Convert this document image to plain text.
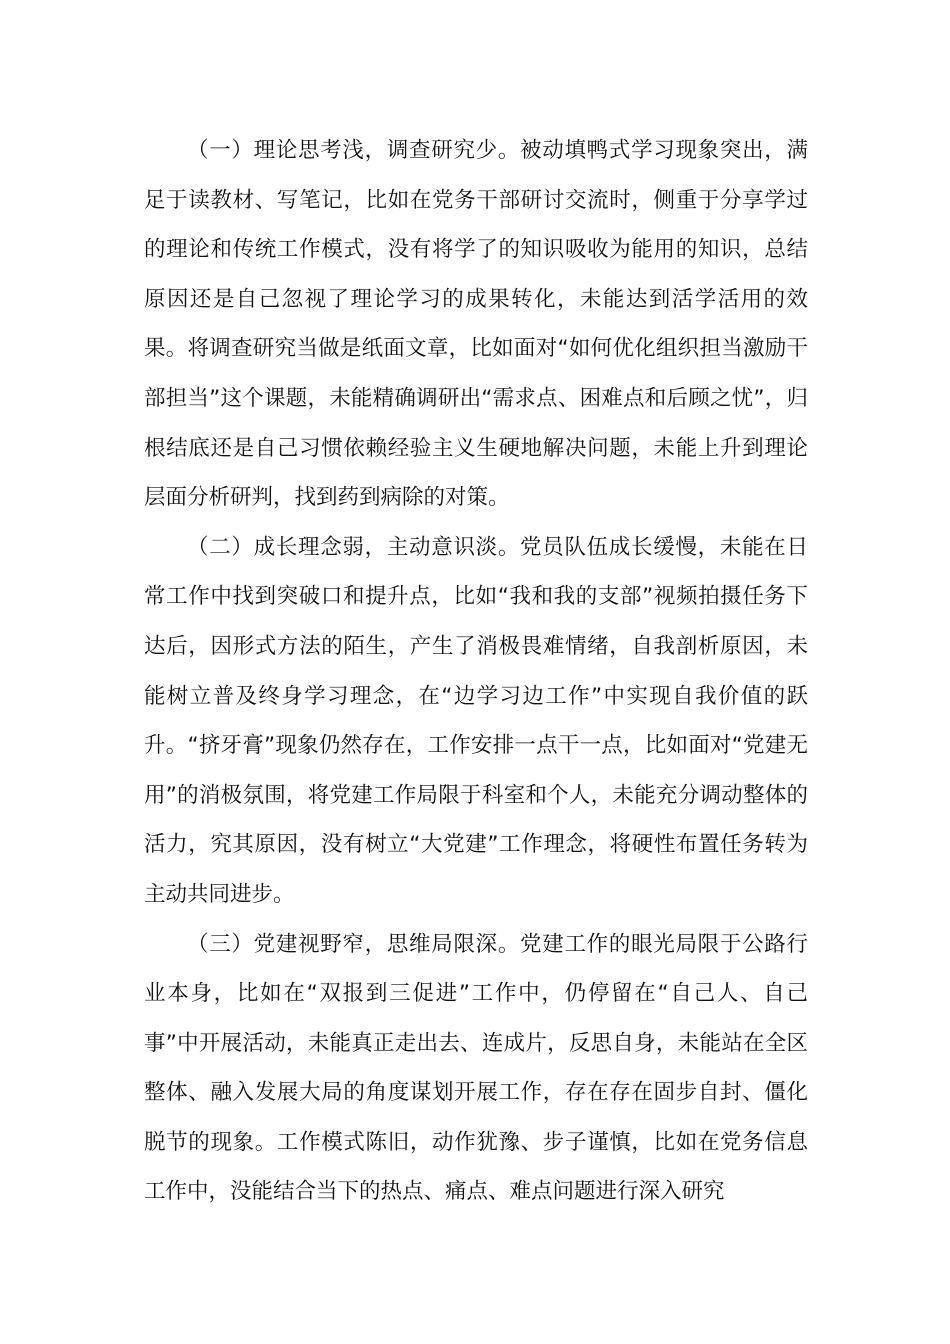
（一）理论思考浅，调查研究少。被动填鸭式学习现象突出，满足于读教材、写笔记，比如在党务干部研讨交流时，侧重于分享学过的理论和传统工作模式，没有将学了的知识吸收为能用的知识，总结原因还是自己忽视了理论学习的成果转化，未能达到活学活用的效果。将调查研究当做是纸面文章，比如面对“如何优化组织担当激励干部担当”这个课题，未能精确调研出“需求点、困难点和后顾之忧”，归根结底还是自己习惯依赖经验主义生硬地解决问题，未能上升到理论层面分析研判，找到药到病除的对策。

（二）成长理念弱，主动意识淡。党员队伍成长缓慢，未能在日常工作中找到突破口和提升点，比如“我和我的支部”视频拍摄任务下达后，因形式方法的陌生，产生了消极畏难情绪，自我剖析原因，未能树立普及终身学习理念，在“边学习边工作”中实现自我价值的跃升。“挤牙膏”现象仍然存在，工作安排一点干一点，比如面对“党建无用”的消极氛围，将党建工作局限于科室和个人，未能充分调动整体的活力，究其原因，没有树立“大党建”工作理念，将硬性布置任务转为主动共同进步。

（三）党建视野窄，思维局限深。党建工作的眼光局限于公路行业本身，比如在“双报到三促进”工作中，仍停留在“自己人、自己事”中开展活动，未能真正走出去、连成片，反思自身，未能站在全区整体、融入发展大局的角度谋划开展工作，存在存在固步自封、僵化脱节的现象。工作模式陈旧，动作犹豫、步子谨慎，比如在党务信息工作中，没能结合当下的热点、痛点、难点问题进行深入研究
